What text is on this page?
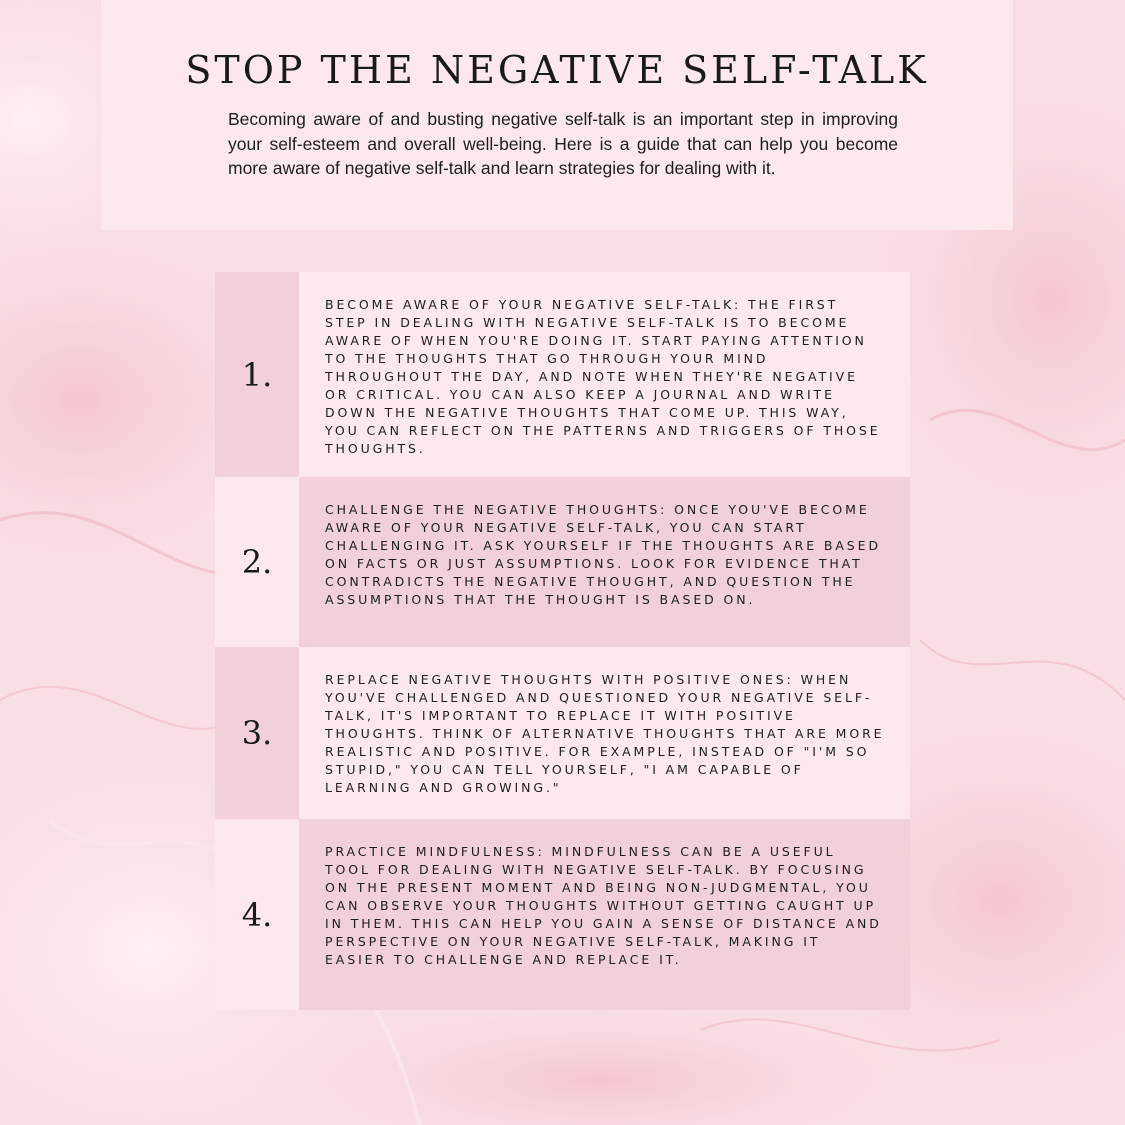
STOP THE NEGATIVE SELF-TALK

Becoming aware of and busting negative self-talk is an important step in improving your self-esteem and overall well-being. Here is a guide that can help you become more aware of negative self-talk and learn strategies for dealing with it.

1.

BECOME AWARE OF YOUR NEGATIVE SELF-TALK: THE FIRST STEP IN DEALING WITH NEGATIVE SELF-TALK IS TO BECOME AWARE OF WHEN YOU'RE DOING IT. START PAYING ATTENTION TO THE THOUGHTS THAT GO THROUGH YOUR MIND THROUGHOUT THE DAY, AND NOTE WHEN THEY'RE NEGATIVE OR CRITICAL. YOU CAN ALSO KEEP A JOURNAL AND WRITE DOWN THE NEGATIVE THOUGHTS THAT COME UP. THIS WAY, YOU CAN REFLECT ON THE PATTERNS AND TRIGGERS OF THOSE THOUGHTS.

2.

CHALLENGE THE NEGATIVE THOUGHTS: ONCE YOU'VE BECOME AWARE OF YOUR NEGATIVE SELF-TALK, YOU CAN START CHALLENGING IT. ASK YOURSELF IF THE THOUGHTS ARE BASED ON FACTS OR JUST ASSUMPTIONS. LOOK FOR EVIDENCE THAT CONTRADICTS THE NEGATIVE THOUGHT, AND QUESTION THE ASSUMPTIONS THAT THE THOUGHT IS BASED ON.

3.

REPLACE NEGATIVE THOUGHTS WITH POSITIVE ONES: WHEN YOU'VE CHALLENGED AND QUESTIONED YOUR NEGATIVE SELF-TALK, IT'S IMPORTANT TO REPLACE IT WITH POSITIVE THOUGHTS. THINK OF ALTERNATIVE THOUGHTS THAT ARE MORE REALISTIC AND POSITIVE. FOR EXAMPLE, INSTEAD OF "I'M SO STUPID," YOU CAN TELL YOURSELF, "I AM CAPABLE OF LEARNING AND GROWING."

4.

PRACTICE MINDFULNESS: MINDFULNESS CAN BE A USEFUL TOOL FOR DEALING WITH NEGATIVE SELF-TALK. BY FOCUSING ON THE PRESENT MOMENT AND BEING NON-JUDGMENTAL, YOU CAN OBSERVE YOUR THOUGHTS WITHOUT GETTING CAUGHT UP IN THEM. THIS CAN HELP YOU GAIN A SENSE OF DISTANCE AND PERSPECTIVE ON YOUR NEGATIVE SELF-TALK, MAKING IT EASIER TO CHALLENGE AND REPLACE IT.
